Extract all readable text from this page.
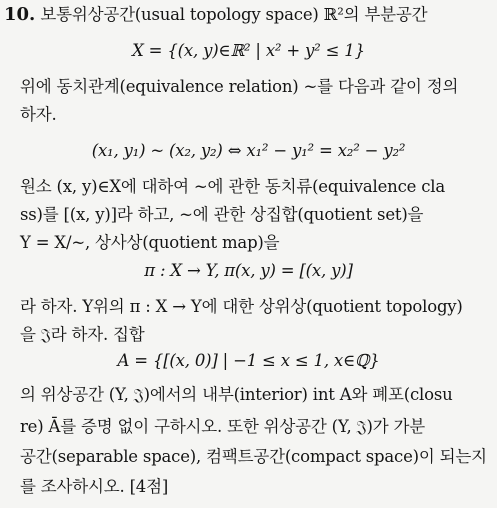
10. 보통위상공간(usual topology space) ℝ²의 부분공간
X = {(x, y)∈ℝ² | x² + y² ≤ 1}
위에 동치관계(equivalence relation) ~를 다음과 같이 정의
하자.
(x₁, y₁) ~ (x₂, y₂) ⇔ x₁² − y₁² = x₂² − y₂²
원소 (x, y)∈X에 대하여 ~에 관한 동치류(equivalence cla
ss)를 [(x, y)]라 하고, ~에 관한 상집합(quotient set)을
Y = X/~, 상사상(quotient map)을
π : X → Y, π(x, y) = [(x, y)]
라 하자. Y위의 π : X → Y에 대한 상위상(quotient topology)
을 𝔍라 하자. 집합
A = {[(x, 0)] | −1 ≤ x ≤ 1, x∈ℚ}
의 위상공간 (Y, 𝔍)에서의 내부(interior) int A와 폐포(closu
re) Ā를 증명 없이 구하시오. 또한 위상공간 (Y, 𝔍)가 가분
공간(separable space), 컴팩트공간(compact space)이 되는지
를 조사하시오. [4점]
